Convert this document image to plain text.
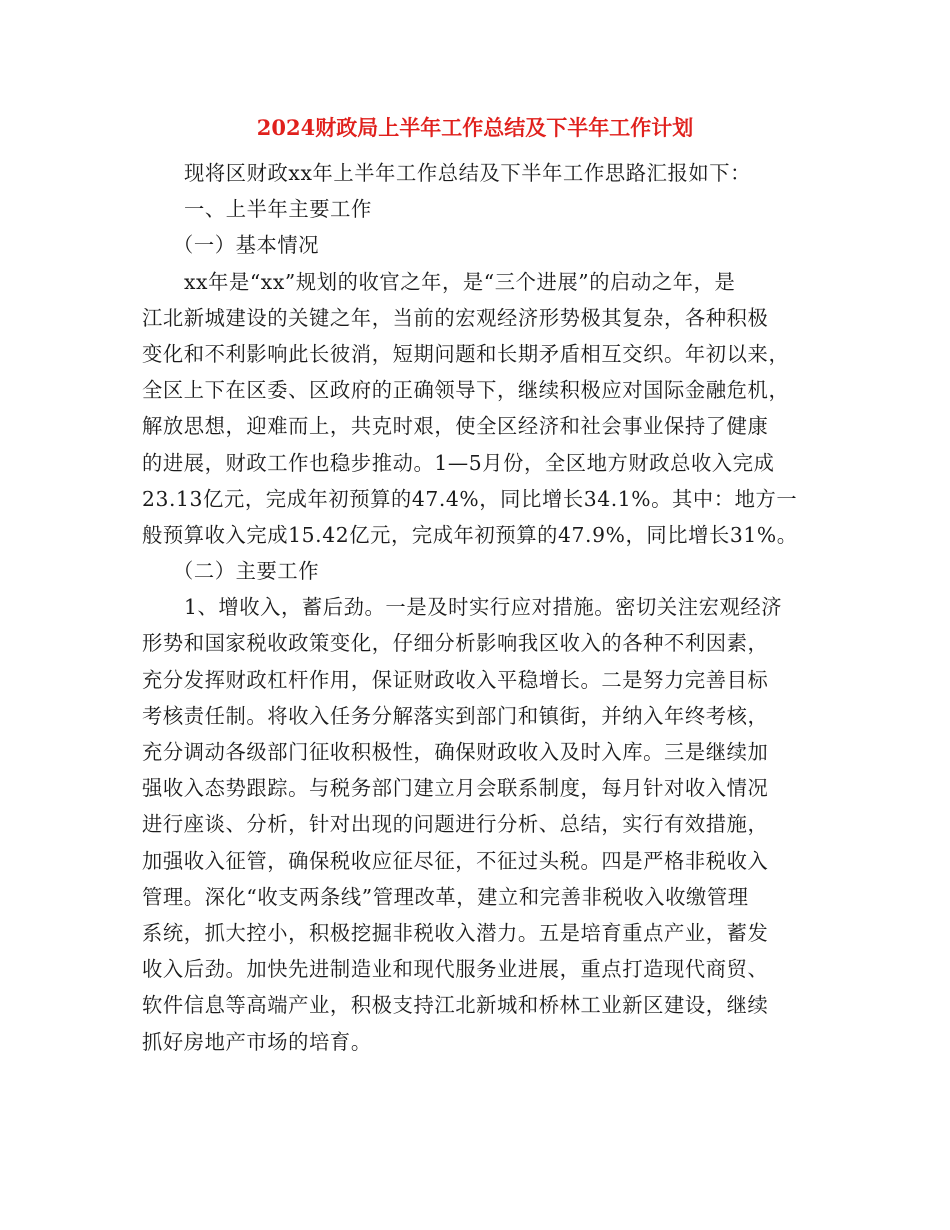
2024财政局上半年工作总结及下半年工作计划
现将区财政xx年上半年工作总结及下半年工作思路汇报如下：
一、上半年主要工作
（一）基本情况
xx年是“xx”规划的收官之年，是“三个进展”的启动之年，是
江北新城建设的关键之年，当前的宏观经济形势极其复杂，各种积极
变化和不利影响此长彼消，短期问题和长期矛盾相互交织。年初以来，
全区上下在区委、区政府的正确领导下，继续积极应对国际金融危机，
解放思想，迎难而上，共克时艰，使全区经济和社会事业保持了健康
的进展，财政工作也稳步推动。1—5月份，全区地方财政总收入完成
23.13亿元，完成年初预算的47.4%，同比增长34.1%。其中：地方一
般预算收入完成15.42亿元，完成年初预算的47.9%，同比增长31%。
（二）主要工作
1、增收入，蓄后劲。一是及时实行应对措施。密切关注宏观经济
形势和国家税收政策变化，仔细分析影响我区收入的各种不利因素，
充分发挥财政杠杆作用，保证财政收入平稳增长。二是努力完善目标
考核责任制。将收入任务分解落实到部门和镇街，并纳入年终考核，
充分调动各级部门征收积极性，确保财政收入及时入库。三是继续加
强收入态势跟踪。与税务部门建立月会联系制度，每月针对收入情况
进行座谈、分析，针对出现的问题进行分析、总结，实行有效措施，
加强收入征管，确保税收应征尽征，不征过头税。四是严格非税收入
管理。深化“收支两条线”管理改革，建立和完善非税收入收缴管理
系统，抓大控小，积极挖掘非税收入潜力。五是培育重点产业，蓄发
收入后劲。加快先进制造业和现代服务业进展，重点打造现代商贸、
软件信息等高端产业，积极支持江北新城和桥林工业新区建设，继续
抓好房地产市场的培育。
